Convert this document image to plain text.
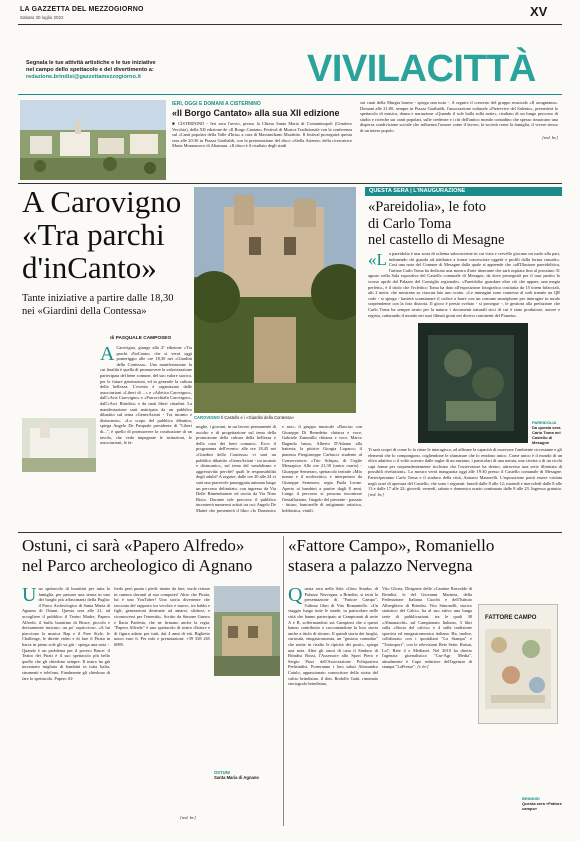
LA GAZZETTA DEL MEZZOGIORNO
Sabato 30 luglio 2022	XV
Segnala le tue attività artistiche e le tue iniziative
nel campo dello spettacolo e del divertimento a:
redazione.brindisi@gazzettamezzogiorno.it	VIVILACITTÀ
IERI, OGGI E DOMANI A CISTERNINO
«Il Borgo Cantato» alla sua XII edizione

■ CISTERNINO - Ieri sera l'avvio, presso la Chiesa Santa Maria di Costantinopoli (Cimitero Vecchio), della XII edizione de «Il Borgo Cantato» Festival di Musica Tradizionale con la conferenza sul «Canti popolari della Valle d'Itria» a cura di Massimiliano Morabito. Il festival proseguirà questa sera alle 20:30 in Piazza Garibaldi, con la presentazione del disco «Stella Ariente» della ricercatrice Maria Monnarroco di Altamura. «Il disco è il risultato degli studi

sui canti della Murgia barese - spiega una nota -. A seguire il concerto del gruppo musicale «Il arragnianu». Domani alle 21:00, sempre in Piazza Garibaldi, l'associazione culturale «Pietrevive del Salento», presenterà lo spettacolo di musica, danza e narrazione «Quando il sole balla sulla notte», risultato di un lungo percorso di studio e ricerche sui canti popolari, sulle credenze e i riti dell'antico mondo contadino che spesso rimarcano una dispersa condivisione sociale che influenza l'umore come il lavoro, la società come la famiglia, il vivere stesso di un intero popolo.

[red. br.]
A Carovigno
«Tra parchi
d'inCanto»
Tante iniziative a partire dalle 18,30
nei «Giardini della Contessa»
di PASQUALE CAMPOSEO
CAROVIGNO Il Castello e i «Giardini della Contessa»
A Carovigno, giunge alla 2ª edizione «Tra parchi d'inCanto» che si verrà oggi pomeriggio alle ore 18,30 nei «Giardini della Contessa». Una manifestazione la cui finalità è quella di promuovere la valorizzazione partecipata del bene comune, del suo valore storico, per le future generazioni, ed in generale la cultura della bellezza. L'evento è organizzato dalle associazioni «Liberi di ...» e «Atletica Carovigno», dall'«Avis Carovigno» e «ParrocchiaIn Carovigno», dall'«Arci Brindisi» e da tanti liberi cittadini. La manifestazione sarà anticipata da un pubblico dibattito sul tema «GenerAzioni - Tra incanto e disincanto». «Lo scopo del pubblico dibattito, spiega Angelo De Pasquale presidente di "Liberi di...", è quello di promuovere la costituzione di un tavolo, che veda impegnate le istituzioni, le associazioni, le fa-
miglie, i giovani, in un lavoro permanente di ascolto e di progettazione sul tema della promozione della cultura della bellezza e della cura dei beni comuni». Ecco il programma dell'evento: alle ore 18,45 nei «Giardini della Contessa» vi sarà un pubblico dibattito «GenerAzioni - tra incanto e disincanto», sul tema del vandalismo e aggressività: perché? quali le responsabilità degli adulti? A seguire, dalle ore 20 alle 24 vi sarà una piacevole passeggiata animata lungo un percorso delimitato, con ingresso da Via Delle Rimembranze ed uscita da Via Nino Bixio. Durante tale percorso il pubblico incontrerà numerosi artisti tra cui: Angelo De Mattei che presenterà il libro «Io Domenico e noi»; il gruppo musicale «Rascia» con Giuseppe Di Benedetto chitarra e voce, Gabriele Zammillo chitarra e voce, Marco Bagnulo basso, Alberto D'Adamo alla batteria; la pittrice Giorgia Loparco; il pianista Piergiuseppe Carbucci studente al Conservatorio «Tito Schipa» di Ceglie Messapica. Alle ore 21,30 (unico orario) - Giuseppe Semeraro, spettacolo teatrale «Mio nonno e il molesvitto» e interpretato da Giuseppe Semeraro, regia Paola Leone. Aperto ai bambini a partire dagli 8 anni. Lungo il percorso si possono incontrare l'installazione, l'angolo del presente - passato - futuro, bancarelle di artigianato artistico, hobbistica, vintili.
QUESTA SERA | L'INAUGURAZIONE
«Pareidolia», le foto
di Carlo Toma
nel castello di Mesagne
«L a pareidolia è una sorta di schema subcosciente in cui vista e cervello giocano un ruolo alla pari, indunendo chi guarda ad attribuire a forme concesciute oggetti e profili dalla forma casuale». Così una nota del Comune di Mesagne dalla quale si apprende che «all'Illusione pareidolitica, l'artista Carlo Toma ha dedicato una mostra d'arte itinerante che sarà ospitata fino al prossimo 31 agosto nella Sala espositiva del Castello comunale di Mesagne, da dove proseguirà per il tour partito lo scorso aprile dal Palazzo del Consiglio regionale». «Pareidolia: guardare oltre ciò che appare, una magia perfetti», è il titolo che l'eclettico Toma ha dato all'esposizione fotografica costituita da 15 totem bifacciali, alti 2 metri, che mostrano su ciascun lato uno scatto. «Le immagini sono connesse al web tramite un QR code - si spiega - basterà scansionare il codice a barre con un comune smartphone per interagire in modo sorprendente con la foto distorta. Il gioco è presto svelato - si prosegue -, le gestioni alla prefazione che Carlo Toma ha sempre avuto per la natura: i documenti naturali stici di cui è stato produttore, autore e regista, catturando il mondo nei suoi filmati girati nei diversi continenti del Pianeta».
PAREIDOLIA
Da questa sera Carlo Toma nel Castello di Mesagne
Ti sarà scopri di come lo fa ritrae le interagisco, ad affinare la capacità di osservare l'ambiente circostante e gli elementi che lo compongono, cogliendone le sfumature che lo rendono unico. Come unico è il mondo di un olivo adattivo o il volto scavato dalle rughe di un anziano, i particolari di una natura, una civetta o di un ricchi capi frame per sorprendentemente ricchiaro che l'osservatore ha dentro, attraverso una serie illimitata di possibili rivelazioni». La mostra verrà inaugurata oggi alle 19:30 presso il Castello comunale di Mesagne. Parteciperanno Carlo Toma e il sindaco della città, Antonio Matarrelli. L'esposizione potrà essere visitata negli orari di apertura del Castello, che sono i seguenti: lunedì dalle 8 alle 12; martedì e mercoledì dalle 8 alle 13 e dalle 17 alle 22; giovedì, venerdì, sabato e domenica orario continuato dalle 8 alle 23. Ingresso gratuito. [red. br.]
Ostuni, ci sarà «Papero Alfredo»
nel Parco archeologico di Agnano
U no spettacolo di burattini per tutta la famiglia, per passare una serata in uno dei luoghi più affascinanti della Puglia: il Parco Archeologico di Santa Maria di Agnano di Ostuni. Questa sera alle 21, ad accogliere il pubblico il Teatro Madre, Papero Alfredo, il buffo burattino di Bruce, piccolo e decisamente insicuro, un po' capriccioso. «A lui piacciono la musica Rap e il Free Style, le Challenge, le dirette video e di fare il Pirata in barca in pieno sole gli va giù - spiega una nota -. Quando è un problema per il povero Bruce: il Teatro dei Pirati è il suo spettacolo più bello quello che gli chiedono sempre. Il teatro ha già incontrato migliaia di bambini in tutta Italia, strumenti e telefono. Finalmente gli chiedono di fare lo spettacolo. Papero Al-
fredo però punta i piedi: niente da fare, vuole restare in camera davanti al suo computer! Altro che Pirata, lui è uno YouTuber! Una storia divertente che racconta del rapporto tra vecchio e nuovo, tra babbi e figli; generazioni destinate ad amarsi, sfidarsi, e riconoscersi per l'eternità». Scritto da Simone Guerro e Ilaria Paoletta, che ne firmano anche la regia, "Papero Alfredo" è uno spettacolo di teatro d'attore e di figura adatto per tutti, dai 4 anni di età. Biglietto unico euro 6. Per info e prenotazioni: +39 338 265 6089.
[red. br.]
OSTUNI
Santa Maria di Agnano
«Fattore Campo», Romaniello
stasera a palazzo Nervegna
Q uesta sera nella Sala «Gino Strada» di Palazzo Nervegna, a Brindisi, si terrà la presentazione di "Fattore Campo", l'ultimo libro di Vito Romaniello. «Un viaggio lungo tutte le strade, in particolare nelle città che hanno partecipato ai Campionati di serie A e B, soffermandosi sui Campioni che a questi hanno contribuito e raccontandone la loro storia anche a titolo di ritorno. Il quindi storia dei luoghi, curiosità, enogastronomia, un "gustoso connubio" che mette in risalto le tipicità dei posti», spiega una nota. Alter gli onori di casa il Sindaco di Brindisi Rossi, l'Assessore allo Sport Piero e Sergio Pizzi dell'Associazione Polisportiva Perbrindisi. Porteranno i loro saluti Alessandro Caiulo, appassionato conoscitore della storia del calcio brindisino, il dott. Rodolfo Gatti, rinomato storiografo brindisino,
Vito Gloria, Dirigente delle «Cantine Rasvalde di Brindisi, le del Giovanni Marinea, della Federazione Italiana Cuochi e dell'Istituto Alberghiero di Brindisi. Vito Simonelli, storico statistico del Calcio, ha al suo attivo una lunga serie di pubblicazioni, tra le quali 38 «Almanacchi» sul Campionato Italiano, 3 libri sulla «Storia del calcio» e 4 sulla tradizione sportiva ed enogastronomica italiana. Ha, inoltre, collaborato con i quotidiani "La Stampa" e "Tuttosport", con le televisioni Rete Sette, Raisat, La7, Rete 4 e Mediaset. Nel 2010 ha diretto l'agenzia giornalistica "Cnr-Agr Media", attualmente è Capo redattore dell'agenzia di stampa "LaPresse". [r. br.]
FATTORE CAMPO
BRINDISI
Questa sera «Fattore campo»
